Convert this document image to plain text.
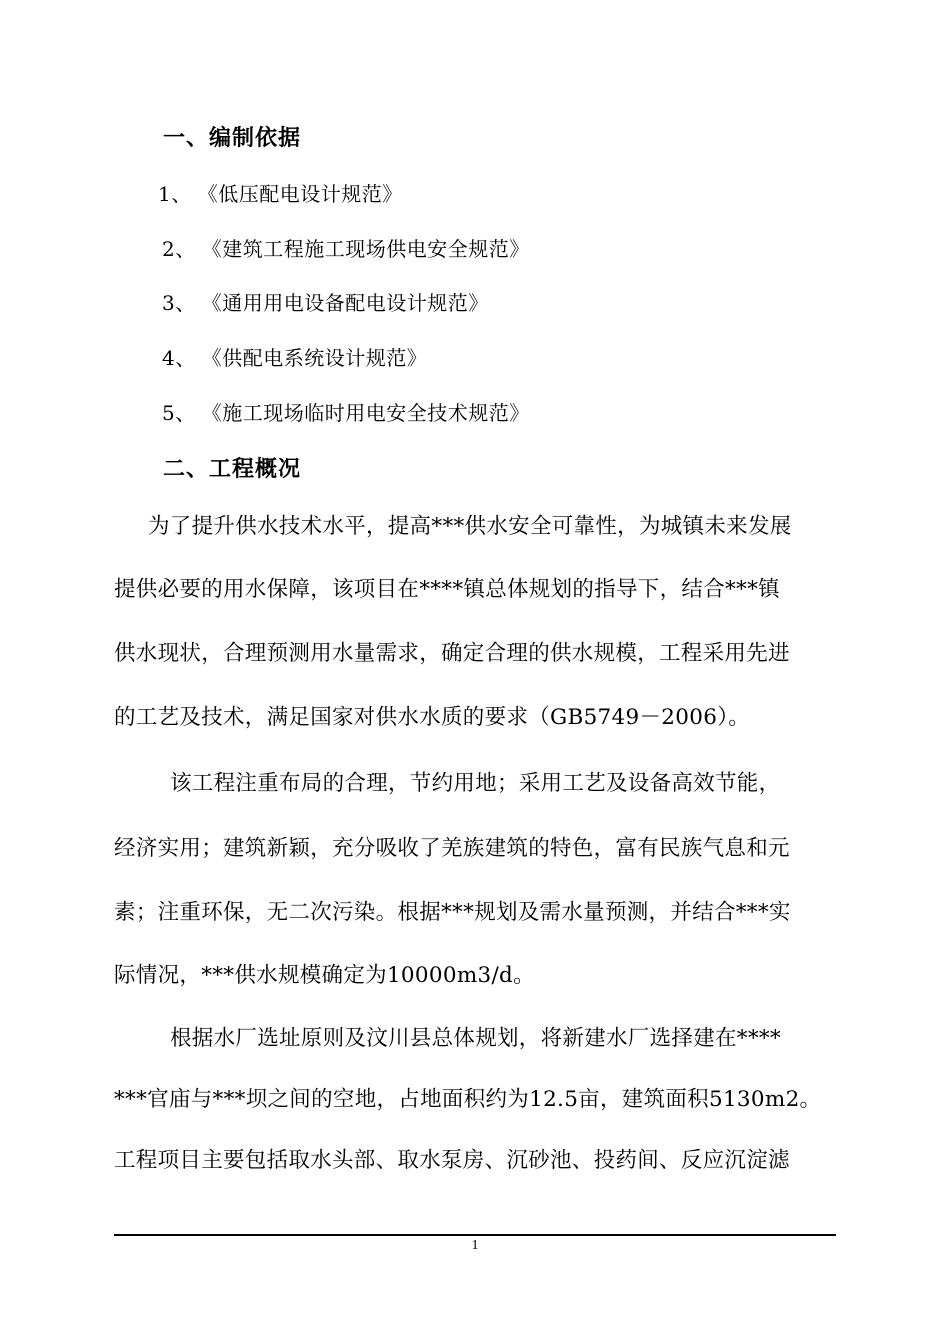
一、编制依据
1、 《低压配电设计规范》
2、 《建筑工程施工现场供电安全规范》
3、 《通用用电设备配电设计规范》
4、 《供配电系统设计规范》
5、 《施工现场临时用电安全技术规范》
二、工程概况
为了提升供水技术水平，提高***供水安全可靠性，为城镇未来发展
提供必要的用水保障，该项目在****镇总体规划的指导下，结合***镇
供水现状，合理预测用水量需求，确定合理的供水规模，工程采用先进
的工艺及技术，满足国家对供水水质的要求（GB5749－2006）。
该工程注重布局的合理，节约用地；采用工艺及设备高效节能，
经济实用；建筑新颖，充分吸收了羌族建筑的特色，富有民族气息和元
素；注重环保，无二次污染。根据***规划及需水量预测，并结合***实
际情况，***供水规模确定为10000m3/d。
根据水厂选址原则及汶川县总体规划，将新建水厂选择建在****
***官庙与***坝之间的空地，占地面积约为12.5亩，建筑面积5130m2。
工程项目主要包括取水头部、取水泵房、沉砂池、投药间、反应沉淀滤
1
